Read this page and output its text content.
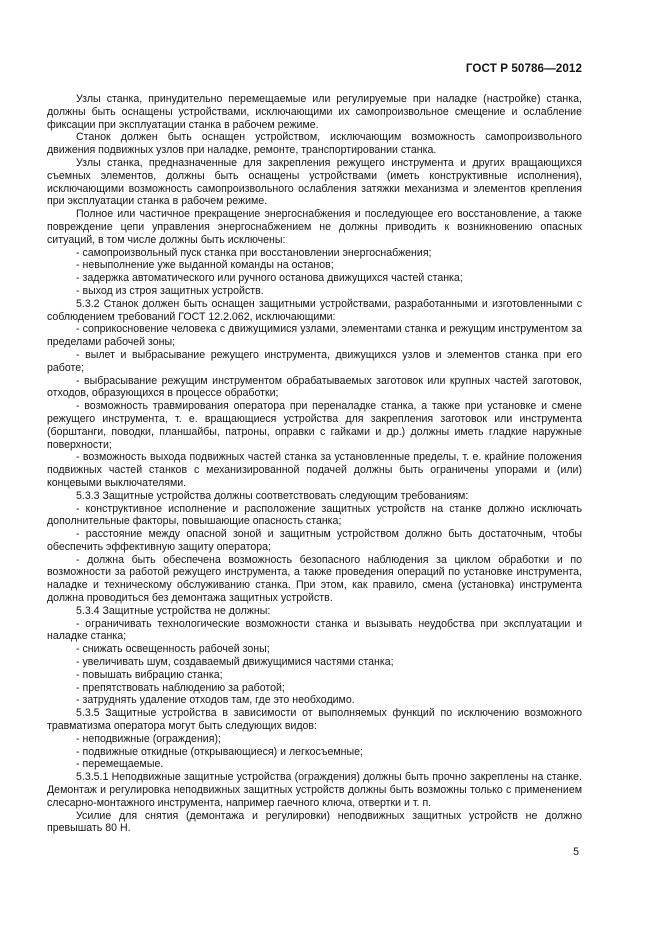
ГОСТ Р 50786—2012

Узлы станка, принудительно перемещаемые или регулируемые при наладке (настройке) станка, должны быть оснащены устройствами, исключающими их самопроизвольное смещение и ослабление фиксации при эксплуатации станка в рабочем режиме.

Станок должен быть оснащен устройством, исключающим возможность самопроизвольного движения подвижных узлов при наладке, ремонте, транспортировании станка.

Узлы станка, предназначенные для закрепления режущего инструмента и других вращающихся съемных элементов, должны быть оснащены устройствами (иметь конструктивные исполнения), исключающими возможность самопроизвольного ослабления затяжки механизма и элементов крепления при эксплуатации станка в рабочем режиме.

Полное или частичное прекращение энергоснабжения и последующее его восстановление, а также повреждение цепи управления энергоснабжением не должны приводить к возникновению опасных ситуаций, в том числе должны быть исключены:

- самопроизвольный пуск станка при восстановлении энергоснабжения;

- невыполнение уже выданной команды на останов;

- задержка автоматического или ручного останова движущихся частей станка;

- выход из строя защитных устройств.

5.3.2 Станок должен быть оснащен защитными устройствами, разработанными и изготовленными с соблюдением требований ГОСТ 12.2.062, исключающими:

- соприкосновение человека с движущимися узлами, элементами станка и режущим инструментом за пределами рабочей зоны;

- вылет и выбрасывание режущего инструмента, движущихся узлов и элементов станка при его работе;

- выбрасывание режущим инструментом обрабатываемых заготовок или крупных частей заготовок, отходов, образующихся в процессе обработки;

- возможность травмирования оператора при переналадке станка, а также при установке и смене режущего инструмента, т. е. вращающиеся устройства для закрепления заготовок или инструмента (борштанги, поводки, планшайбы, патроны, оправки с гайками и др.) должны иметь гладкие наружные поверхности;

- возможность выхода подвижных частей станка за установленные пределы, т. е. крайние положения подвижных частей станков с механизированной подачей должны быть ограничены упорами и (или) концевыми выключателями.

5.3.3 Защитные устройства должны соответствовать следующим требованиям:

- конструктивное исполнение и расположение защитных устройств на станке должно исключать дополнительные факторы, повышающие опасность станка;

- расстояние между опасной зоной и защитным устройством должно быть достаточным, чтобы обеспечить эффективную защиту оператора;

- должна быть обеспечена возможность безопасного наблюдения за циклом обработки и по возможности за работой режущего инструмента, а также проведения операций по установке инструмента, наладке и техническому обслуживанию станка. При этом, как правило, смена (установка) инструмента должна проводиться без демонтажа защитных устройств.

5.3.4 Защитные устройства не должны:

- ограничивать технологические возможности станка и вызывать неудобства при эксплуатации и наладке станка;

- снижать освещенность рабочей зоны;

- увеличивать шум, создаваемый движущимися частями станка;

- повышать вибрацию станка;

- препятствовать наблюдению за работой;

- затруднять удаление отходов там, где это необходимо.

5.3.5 Защитные устройства в зависимости от выполняемых функций по исключению возможного травматизма оператора могут быть следующих видов:

- неподвижные (ограждения);

- подвижные откидные (открывающиеся) и легкосъемные;

- перемещаемые.

5.3.5.1 Неподвижные защитные устройства (ограждения) должны быть прочно закреплены на станке. Демонтаж и регулировка неподвижных защитных устройств должны быть возможны только с применением слесарно-монтажного инструмента, например гаечного ключа, отвертки и т. п.

Усилие для снятия (демонтажа и регулировки) неподвижных защитных устройств не должно превышать 80 Н.

5
